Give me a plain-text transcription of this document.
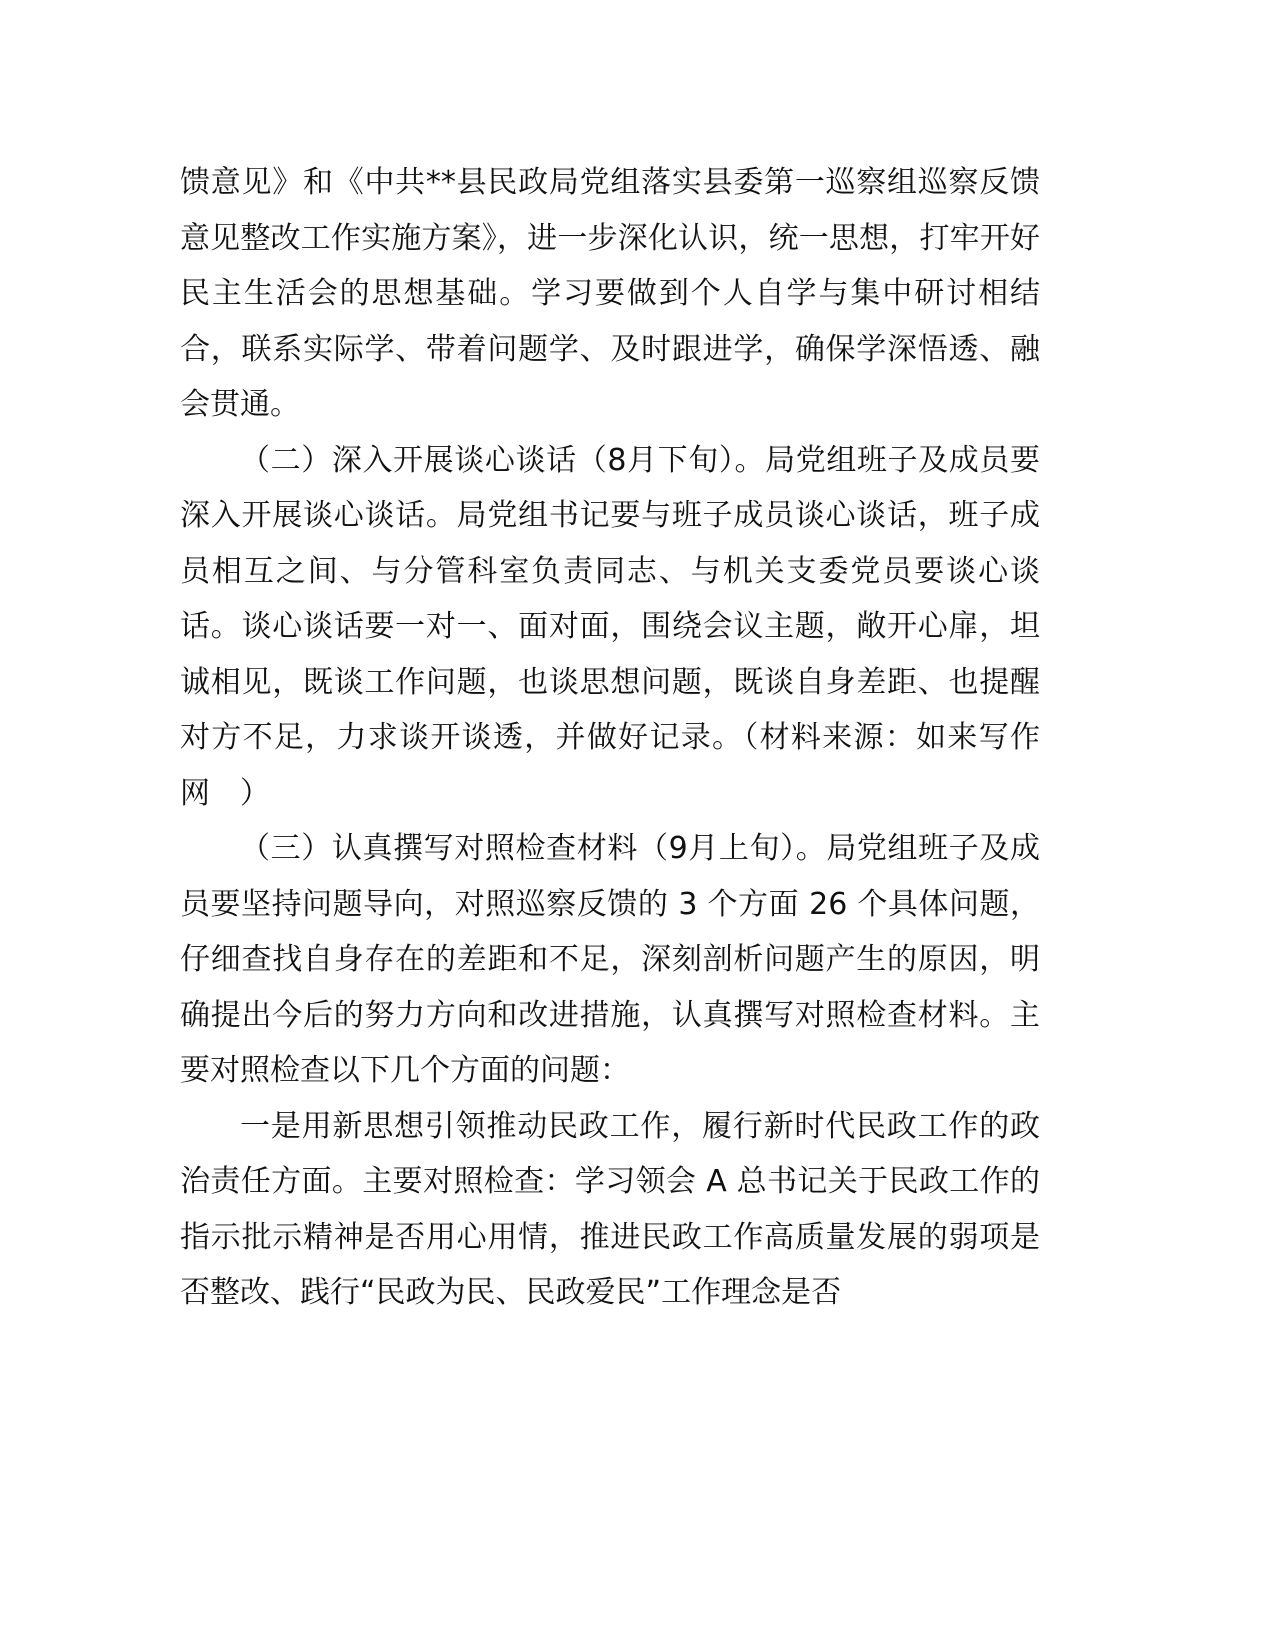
馈意见》和《中共**县民政局党组落实县委第一巡察组巡察反馈意见整改工作实施方案》，进一步深化认识，统一思想，打牢开好民主生活会的思想基础。学习要做到个人自学与集中研讨相结合，联系实际学、带着问题学、及时跟进学，确保学深悟透、融会贯通。

（二）深入开展谈心谈话（8月下旬）。局党组班子及成员要深入开展谈心谈话。局党组书记要与班子成员谈心谈话，班子成员相互之间、与分管科室负责同志、与机关支委党员要谈心谈话。谈心谈话要一对一、面对面，围绕会议主题，敞开心扉，坦诚相见，既谈工作问题，也谈思想问题，既谈自身差距、也提醒对方不足，力求谈开谈透，并做好记录。（材料来源：如来写作网　）

（三）认真撰写对照检查材料（9月上旬）。局党组班子及成员要坚持问题导向，对照巡察反馈的 3 个方面 26 个具体问题，仔细查找自身存在的差距和不足，深刻剖析问题产生的原因，明确提出今后的努力方向和改进措施，认真撰写对照检查材料。主要对照检查以下几个方面的问题：

一是用新思想引领推动民政工作，履行新时代民政工作的政治责任方面。主要对照检查：学习领会 A 总书记关于民政工作的指示批示精神是否用心用情，推进民政工作高质量发展的弱项是否整改、践行“民政为民、民政爱民”工作理念是否
